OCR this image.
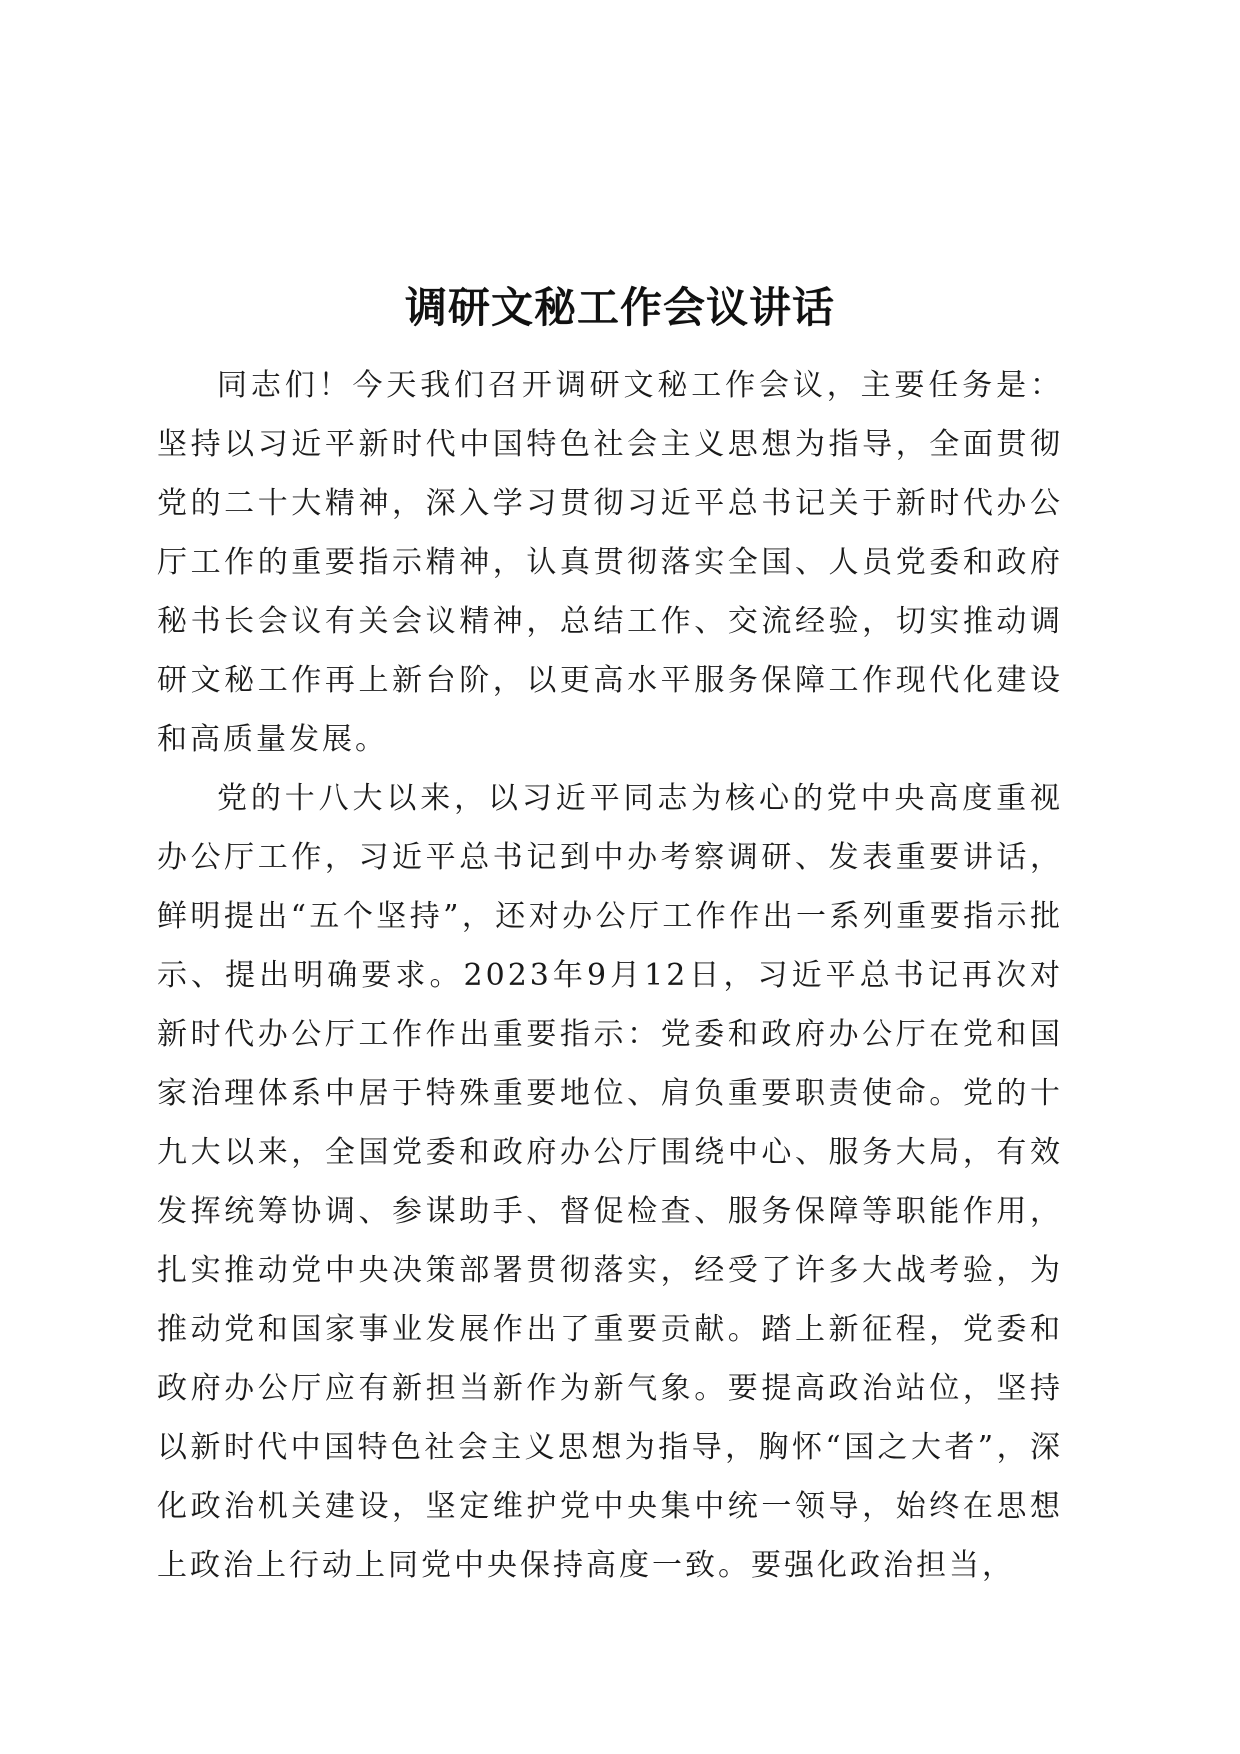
调研文秘工作会议讲话

同志们！今天我们召开调研文秘工作会议，主要任务是：坚持以习近平新时代中国特色社会主义思想为指导，全面贯彻党的二十大精神，深入学习贯彻习近平总书记关于新时代办公厅工作的重要指示精神，认真贯彻落实全国、人员党委和政府秘书长会议有关会议精神，总结工作、交流经验，切实推动调研文秘工作再上新台阶，以更高水平服务保障工作现代化建设和高质量发展。

党的十八大以来，以习近平同志为核心的党中央高度重视办公厅工作，习近平总书记到中办考察调研、发表重要讲话，鲜明提出“五个坚持”，还对办公厅工作作出一系列重要指示批示、提出明确要求。2023年9月12日，习近平总书记再次对新时代办公厅工作作出重要指示：党委和政府办公厅在党和国家治理体系中居于特殊重要地位、肩负重要职责使命。党的十九大以来，全国党委和政府办公厅围绕中心、服务大局，有效发挥统筹协调、参谋助手、督促检查、服务保障等职能作用，扎实推动党中央决策部署贯彻落实，经受了许多大战考验，为推动党和国家事业发展作出了重要贡献。踏上新征程，党委和政府办公厅应有新担当新作为新气象。要提高政治站位，坚持以新时代中国特色社会主义思想为指导，胸怀“国之大者”，深化政治机关建设，坚定维护党中央集中统一领导，始终在思想上政治上行动上同党中央保持高度一致。要强化政治担当，
